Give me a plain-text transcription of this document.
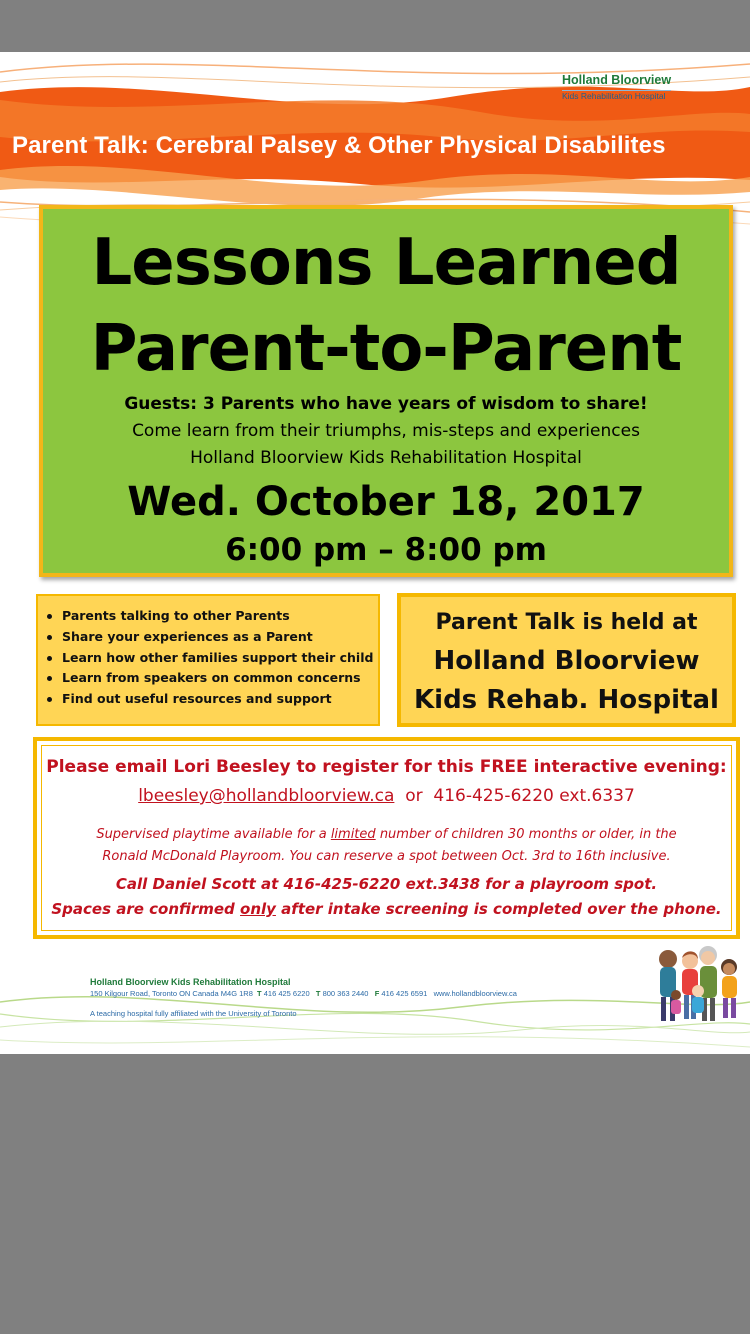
Holland Bloorview
Kids Rehabilitation Hospital
Parent Talk: Cerebral Palsey & Other Physical Disabilites
Lessons Learned
Parent-to-Parent
Guests: 3 Parents who have years of wisdom to share!
Come learn from their triumphs, mis-steps and experiences
Holland Bloorview Kids Rehabilitation Hospital
Wed. October 18, 2017
6:00 pm – 8:00 pm
Parents talking to other Parents
Share your experiences as a Parent
Learn how other families support their child
Learn from speakers on common concerns
Find out useful resources and support
Parent Talk is held at
Holland Bloorview
Kids Rehab. Hospital
Please email Lori Beesley to register for this FREE interactive evening:
lbeesley@hollandbloorview.ca or 416-425-6220 ext.6337
Supervised playtime available for a limited number of children 30 months or older, in the
Ronald McDonald Playroom. You can reserve a spot between Oct. 3rd to 16th inclusive.
Call Daniel Scott at 416-425-6220 ext.3438 for a playroom spot.
Spaces are confirmed only after intake screening is completed over the phone.
Holland Bloorview Kids Rehabilitation Hospital
150 Kilgour Road, Toronto ON Canada M4G 1R8 T 416 425 6220 T 800 363 2440 F 416 425 6591 www.hollandbloorview.ca
A teaching hospital fully affiliated with the University of Toronto
